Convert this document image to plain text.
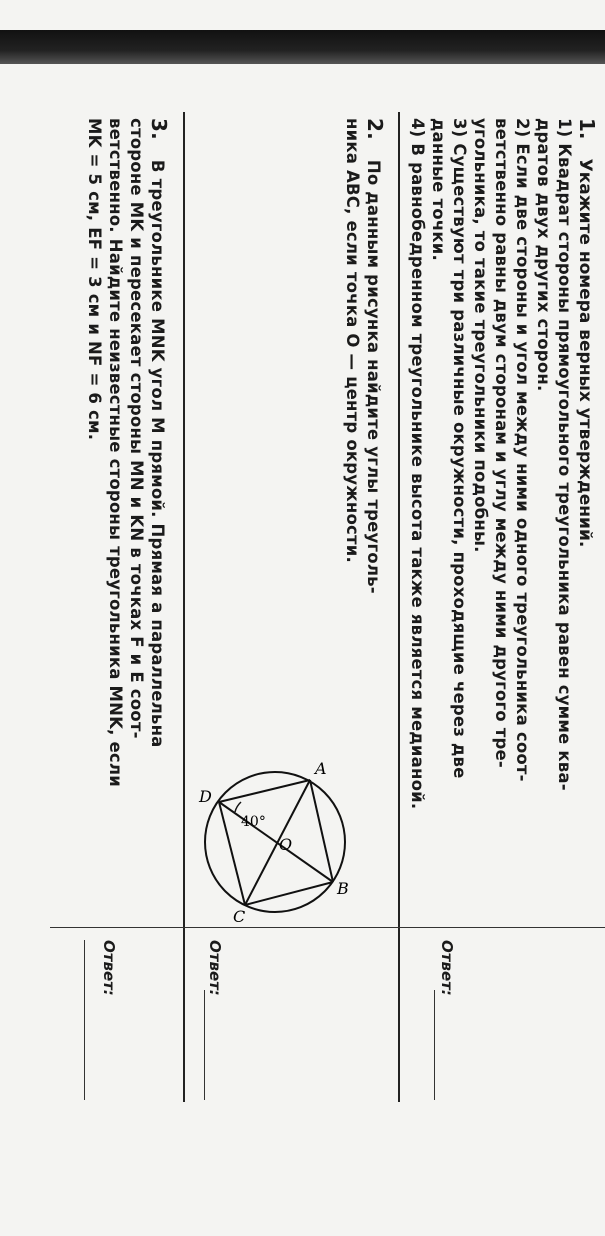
1. Укажите номера верных утверждений.
1) Квадрат стороны прямоугольного треугольника равен сумме ква-
дратов двух других сторон.
2) Если две стороны и угол между ними одного треугольника соот-
ветственно равны двум сторонам и углу между ними другого тре-
угольника, то такие треугольники подобны.
3) Существуют три различные окружности, проходящие через две
данные точки.
4) В равнобедренном треугольнике высота также является медианой.
Ответ:
2. По данным рисунка найдите углы треуголь-
ника ABC, если точка O — центр окружности.
A
B
C
D
O
40°
Ответ:
3. В треугольнике MNK угол M прямой. Прямая a параллельна
стороне MK и пересекает стороны MN и KN в точках F и E соот-
ветственно. Найдите неизвестные стороны треугольника MNK, если
MK = 5 см, EF = 3 см и NF = 6 см.
Ответ:
